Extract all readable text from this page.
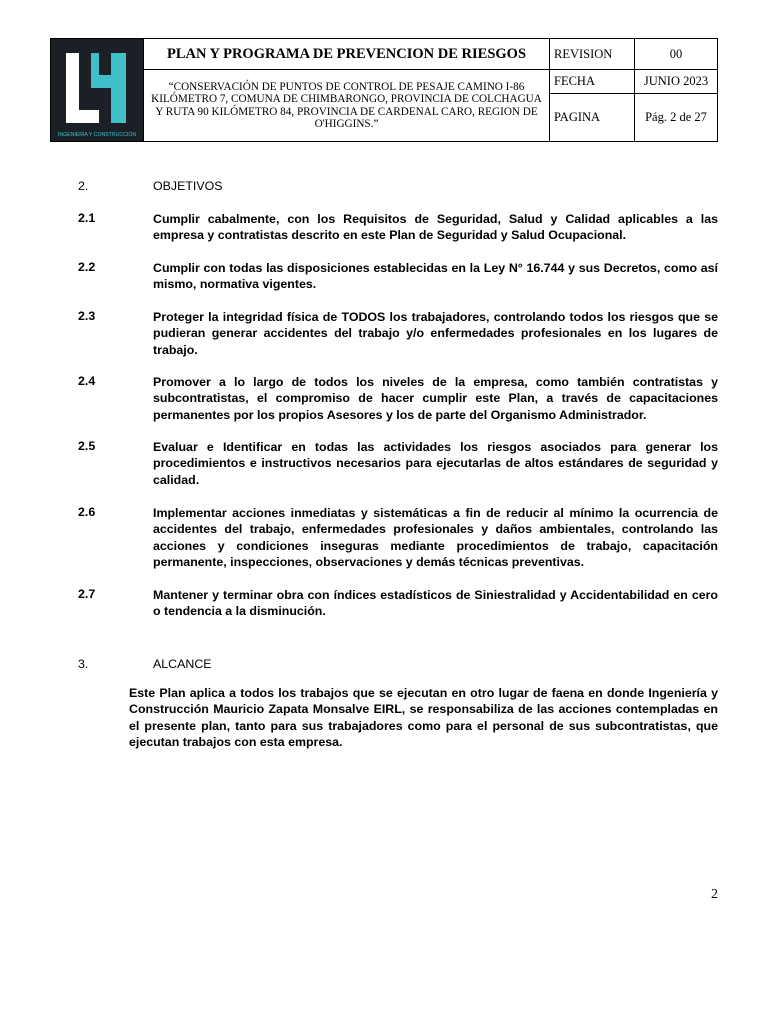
INGENIERÍA Y CONSTRUCCIÓN	PLAN Y PROGRAMA DE PREVENCION DE RIESGOS	REVISION	00
	“CONSERVACIÓN DE PUNTOS DE CONTROL DE PESAJE CAMINO I-86 KILÓMETRO 7, COMUNA DE CHIMBARONGO, PROVINCIA DE COLCHAGUA Y RUTA 90 KILÓMETRO 84, PROVINCIA DE CARDENAL CARO, REGION DE O'HIGGINS.”	FECHA	JUNIO 2023
		PAGINA	Pág. 2 de 27
2.	OBJETIVOS
2.1	Cumplir cabalmente, con los Requisitos de Seguridad, Salud y Calidad aplicables a las empresa y contratistas descrito en este Plan de Seguridad y Salud Ocupacional.
2.2	Cumplir con todas las disposiciones establecidas en la Ley N° 16.744 y sus Decretos, como así mismo, normativa vigentes.
2.3	Proteger la integridad física de TODOS los trabajadores, controlando todos los riesgos que se pudieran generar accidentes del trabajo y/o enfermedades profesionales en los lugares de trabajo.
2.4	Promover a lo largo de todos los niveles de la empresa, como también contratistas y subcontratistas, el compromiso de hacer cumplir este Plan, a través de capacitaciones permanentes por los propios Asesores y los de parte del Organismo Administrador.
2.5	Evaluar e Identificar en todas las actividades los riesgos asociados para generar los procedimientos e instructivos necesarios para ejecutarlas de altos estándares de seguridad y calidad.
2.6	Implementar acciones inmediatas y sistemáticas a fin de reducir al mínimo la ocurrencia de accidentes del trabajo, enfermedades profesionales y daños ambientales, controlando las acciones y condiciones inseguras mediante procedimientos de trabajo, capacitación permanente, inspecciones, observaciones y demás técnicas preventivas.
2.7	Mantener y terminar obra con índices estadísticos de Siniestralidad y Accidentabilidad en cero o tendencia a la disminución.
3.	ALCANCE
Este Plan aplica a todos los trabajos que se ejecutan en otro lugar de faena en donde Ingeniería y Construcción Mauricio Zapata Monsalve EIRL, se responsabiliza de las acciones contempladas en el presente plan, tanto para sus trabajadores como para el personal de sus subcontratistas, que ejecutan trabajos con esta empresa.
2
